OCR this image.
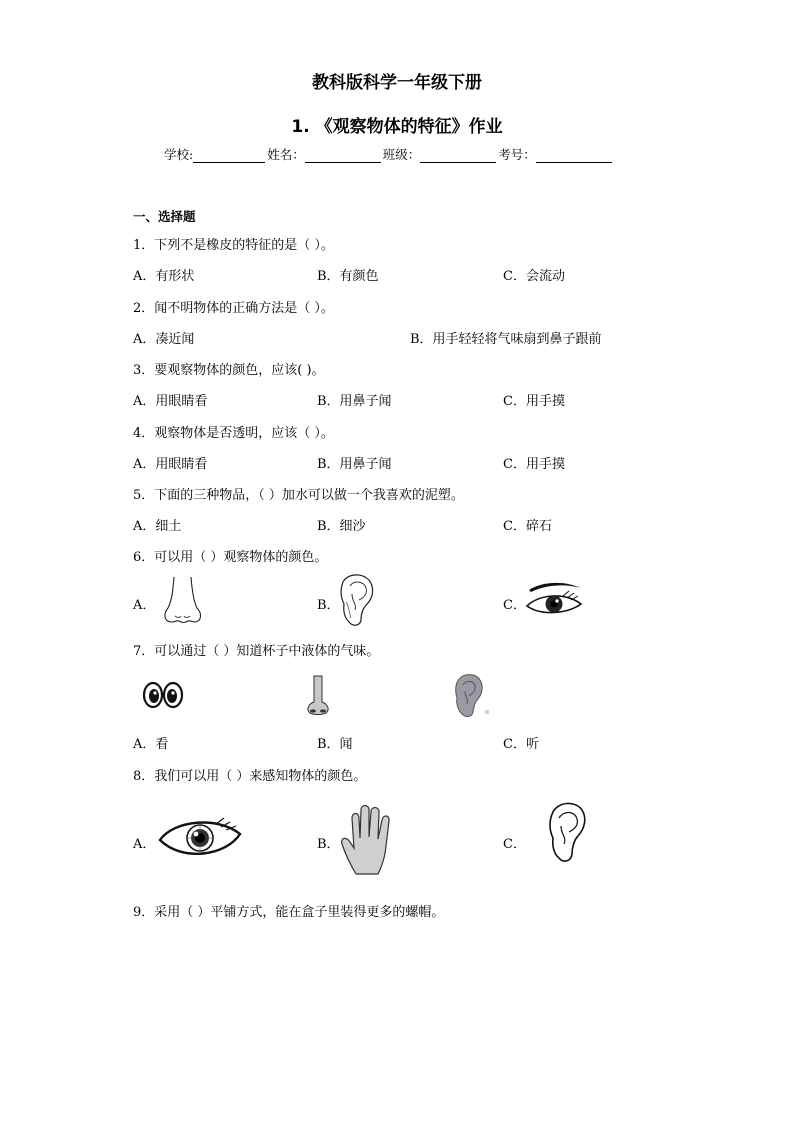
教科版科学一年级下册
1. 《观察物体的特征》作业
学校:	姓名：	班级：	考号：
一、选择题
1．下列不是橡皮的特征的是（ ）。
A．有形状	B．有颜色	C．会流动
2．闻不明物体的正确方法是（ ）。
A．凑近闻	B．用手轻轻将气味扇到鼻子跟前
3．要观察物体的颜色，应该( )。
A．用眼睛看	B．用鼻子闻	C．用手摸
4．观察物体是否透明，应该（ ）。
A．用眼睛看	B．用鼻子闻	C．用手摸
5．下面的三种物品，（ ）加水可以做一个我喜欢的泥塑。
A．细土	B．细沙	C．碎石
6．可以用（ ）观察物体的颜色。
A．	B．	C．
7．可以通过（ ）知道杯子中液体的气味。
A．看	B．闻	C．听
8．我们可以用（ ）来感知物体的颜色。
A．	B．	C．
9．采用（ ）平铺方式，能在盒子里装得更多的螺帽。
